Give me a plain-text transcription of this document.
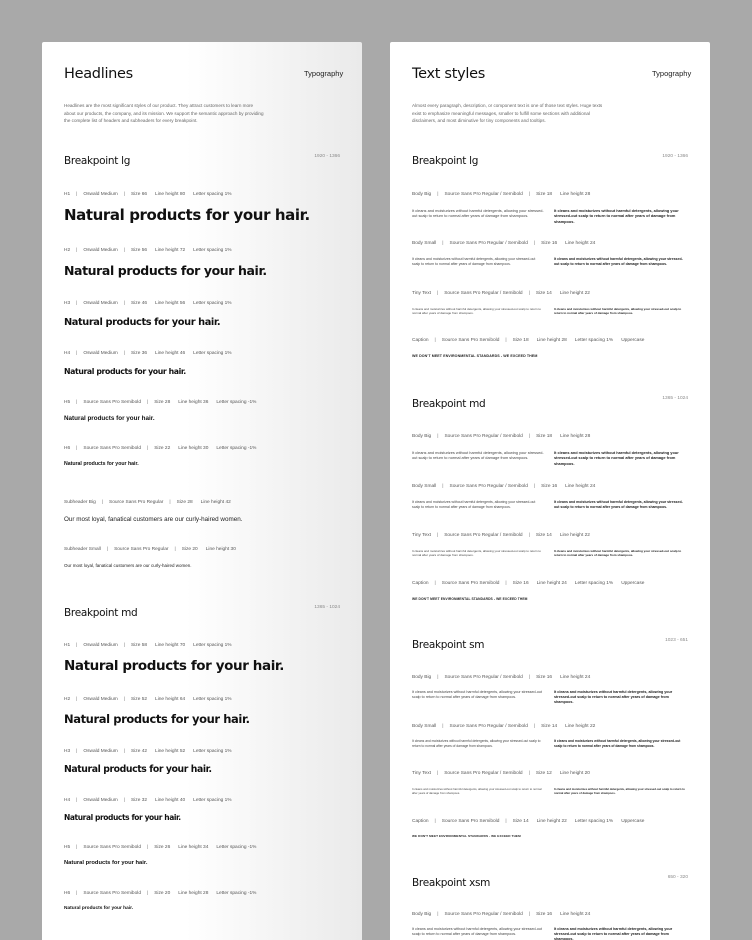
Headlines	Typography
Headlines are the most significant styles of our product. They attract customers to learn more about our products, the company, and its mission. We support the semantic approach by providing the complete list of headers and subheaders for every breakpoint.
Breakpoint lg	1920 - 1366
H1 | Oswald Medium | Size 66 Line height 80 Letter spacing 1%
Natural products for your hair.
H2 | Oswald Medium | Size 56 Line height 72 Letter spacing 1%
Natural products for your hair.
H3 | Oswald Medium | Size 46 Line height 56 Letter spacing 1%
Natural products for your hair.
H4 | Oswald Medium | Size 36 Line height 46 Letter spacing 1%
Natural products for your hair.
H5 | Source Sans Pro Semibold | Size 28 Line height 36 Letter spacing -1%
Natural products for your hair.
H6 | Source Sans Pro Semibold | Size 22 Line height 30 Letter spacing -1%
Natural products for your hair.
Subheader Big | Source Sans Pro Regular | Size 28 Line height 42
Our most loyal, fanatical customers are our curly-haired women.
Subheader Small | Source Sans Pro Regular | Size 20 Line height 30
Our most loyal, fanatical customers are our curly-haired women.
Breakpoint md	1365 - 1024
H1 | Oswald Medium | Size 58 Line height 70 Letter spacing 1%
Natural products for your hair.
H2 | Oswald Medium | Size 52 Line height 64 Letter spacing 1%
Natural products for your hair.
H3 | Oswald Medium | Size 42 Line height 52 Letter spacing 1%
Natural products for your hair.
H4 | Oswald Medium | Size 32 Line height 40 Letter spacing 1%
Natural products for your hair.
H5 | Source Sans Pro Semibold | Size 26 Line height 34 Letter spacing -1%
Natural products for your hair.
H6 | Source Sans Pro Semibold | Size 20 Line height 28 Letter spacing -1%
Natural products for your hair.
Text styles	Typography
Almost every paragraph, description, or component text is one of those text styles. Huge texts exist to emphasize meaningful messages, smaller to fulfill some sections with additional disclaimers, and most diminutive for tiny components and tooltips.
Breakpoint lg	1920 - 1366
Body Big | Source Sans Pro Regular / Semibold | Size 18 Line height 28
It cleans and moisturizes without harmful detergents, allowing your stressed-out scalp to return to normal after years of damage from shampoos.
It cleans and moisturizes without harmful detergents, allowing your stressed-out scalp to return to normal after years of damage from shampoos.
Body Small | Source Sans Pro Regular / Semibold | Size 16 Line height 24
It cleans and moisturizes without harmful detergents, allowing your stressed-out scalp to return to normal after years of damage from shampoos.
It cleans and moisturizes without harmful detergents, allowing your stressed-out scalp to return to normal after years of damage from shampoos.
Tiny Text | Source Sans Pro Regular / Semibold | Size 14 Line height 22
It cleans and moisturizes without harmful detergents, allowing your stressed-out scalp to return to normal after years of damage from shampoos.
It cleans and moisturizes without harmful detergents, allowing your stressed-out scalp to return to normal after years of damage from shampoos.
Caption | Source Sans Pro Semibold | Size 18 Line height 28 Letter spacing 1% Uppercase
WE DON'T MEET ENVIRONMENTAL STANDARDS - WE EXCEED THEM
Breakpoint md	1365 - 1024
Body Big | Source Sans Pro Regular / Semibold | Size 18 Line height 28
It cleans and moisturizes without harmful detergents, allowing your stressed-out scalp to return to normal after years of damage from shampoos.
It cleans and moisturizes without harmful detergents, allowing your stressed-out scalp to return to normal after years of damage from shampoos.
Body Small | Source Sans Pro Regular / Semibold | Size 16 Line height 24
It cleans and moisturizes without harmful detergents, allowing your stressed-out scalp to return to normal after years of damage from shampoos.
It cleans and moisturizes without harmful detergents, allowing your stressed-out scalp to return to normal after years of damage from shampoos.
Tiny Text | Source Sans Pro Regular / Semibold | Size 14 Line height 22
It cleans and moisturizes without harmful detergents, allowing your stressed-out scalp to return to normal after years of damage from shampoos.
It cleans and moisturizes without harmful detergents, allowing your stressed-out scalp to return to normal after years of damage from shampoos.
Caption | Source Sans Pro Semibold | Size 16 Line height 24 Letter spacing 1% Uppercase
WE DON'T MEET ENVIRONMENTAL STANDARDS - WE EXCEED THEM
Breakpoint sm	1023 - 651
Body Big | Source Sans Pro Regular / Semibold | Size 16 Line height 24
It cleans and moisturizes without harmful detergents, allowing your stressed-out scalp to return to normal after years of damage from shampoos.
It cleans and moisturizes without harmful detergents, allowing your stressed-out scalp to return to normal after years of damage from shampoos.
Body Small | Source Sans Pro Regular / Semibold | Size 14 Line height 22
It cleans and moisturizes without harmful detergents, allowing your stressed-out scalp to return to normal after years of damage from shampoos.
It cleans and moisturizes without harmful detergents, allowing your stressed-out scalp to return to normal after years of damage from shampoos.
Tiny Text | Source Sans Pro Regular / Semibold | Size 12 Line height 20
It cleans and moisturizes without harmful detergents, allowing your stressed-out scalp to return to normal after years of damage from shampoos.
It cleans and moisturizes without harmful detergents, allowing your stressed-out scalp to return to normal after years of damage from shampoos.
Caption | Source Sans Pro Semibold | Size 14 Line height 22 Letter spacing 1% Uppercase
WE DON'T MEET ENVIRONMENTAL STANDARDS - WE EXCEED THEM
Breakpoint xsm	650 - 320
Body Big | Source Sans Pro Regular / Semibold | Size 16 Line height 24
It cleans and moisturizes without harmful detergents, allowing your stressed-out scalp to return to normal after years of damage from shampoos.
It cleans and moisturizes without harmful detergents, allowing your stressed-out scalp to return to normal after years of damage from shampoos.
